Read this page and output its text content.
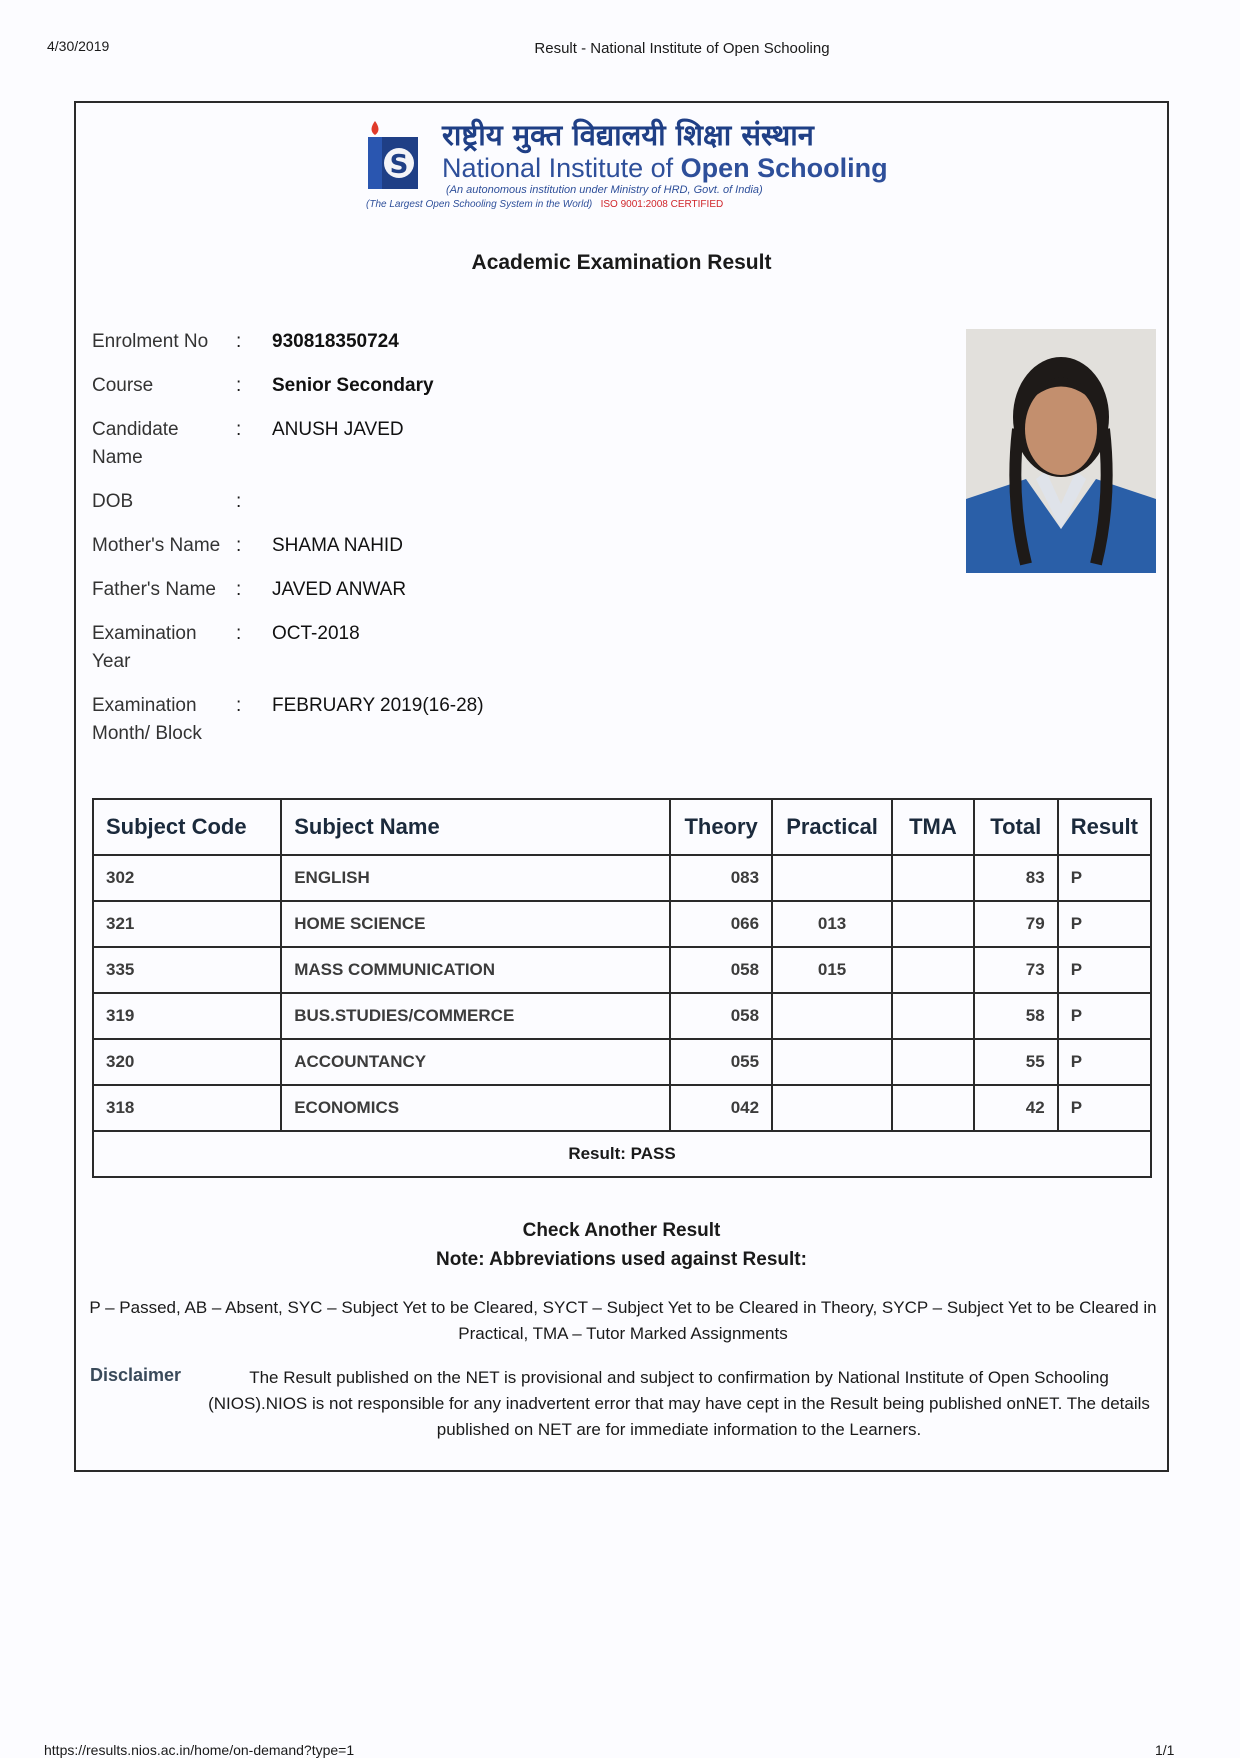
4/30/2019	Result - National Institute of Open Schooling
S
राष्ट्रीय मुक्त विद्यालयी शिक्षा संस्थान
National Institute of Open Schooling
(An autonomous institution under Ministry of HRD, Govt. of India)
(The Largest Open Schooling System in the World) ISO 9001:2008 CERTIFIED
Academic Examination Result
Enrolment No	:	930818350724
Course	:	Senior Secondary
Candidate Name
:	ANUSH JAVED
DOB	:
Mother's Name :	SHAMA NAHID
Father's Name	:	JAVED ANWAR
Examination Year
:	OCT-2018
Examination Month/ Block
:	FEBRUARY 2019(16-28)
Subject Code	Subject Name	Theory	Practical	TMA	Total	Result
302	ENGLISH	083			83	P
321	HOME SCIENCE	066	013		79	P
335	MASS COMMUNICATION	058	015		73	P
319	BUS.STUDIES/COMMERCE	058			58	P
320	ACCOUNTANCY	055			55	P
318	ECONOMICS	042			42	P
Result: PASS						
Check Another Result
Note: Abbreviations used against Result:
P – Passed, AB – Absent, SYC – Subject Yet to be Cleared, SYCT – Subject Yet to be Cleared in Theory, SYCP – Subject Yet to be Cleared in Practical, TMA – Tutor Marked Assignments
Disclaimer	The Result published on the NET is provisional and subject to confirmation by National Institute of Open Schooling (NIOS).NIOS is not responsible for any inadvertent error that may have cept in the Result being published onNET. The details published on NET are for immediate information to the Learners.
https://results.nios.ac.in/home/on-demand?type=1	1/1
